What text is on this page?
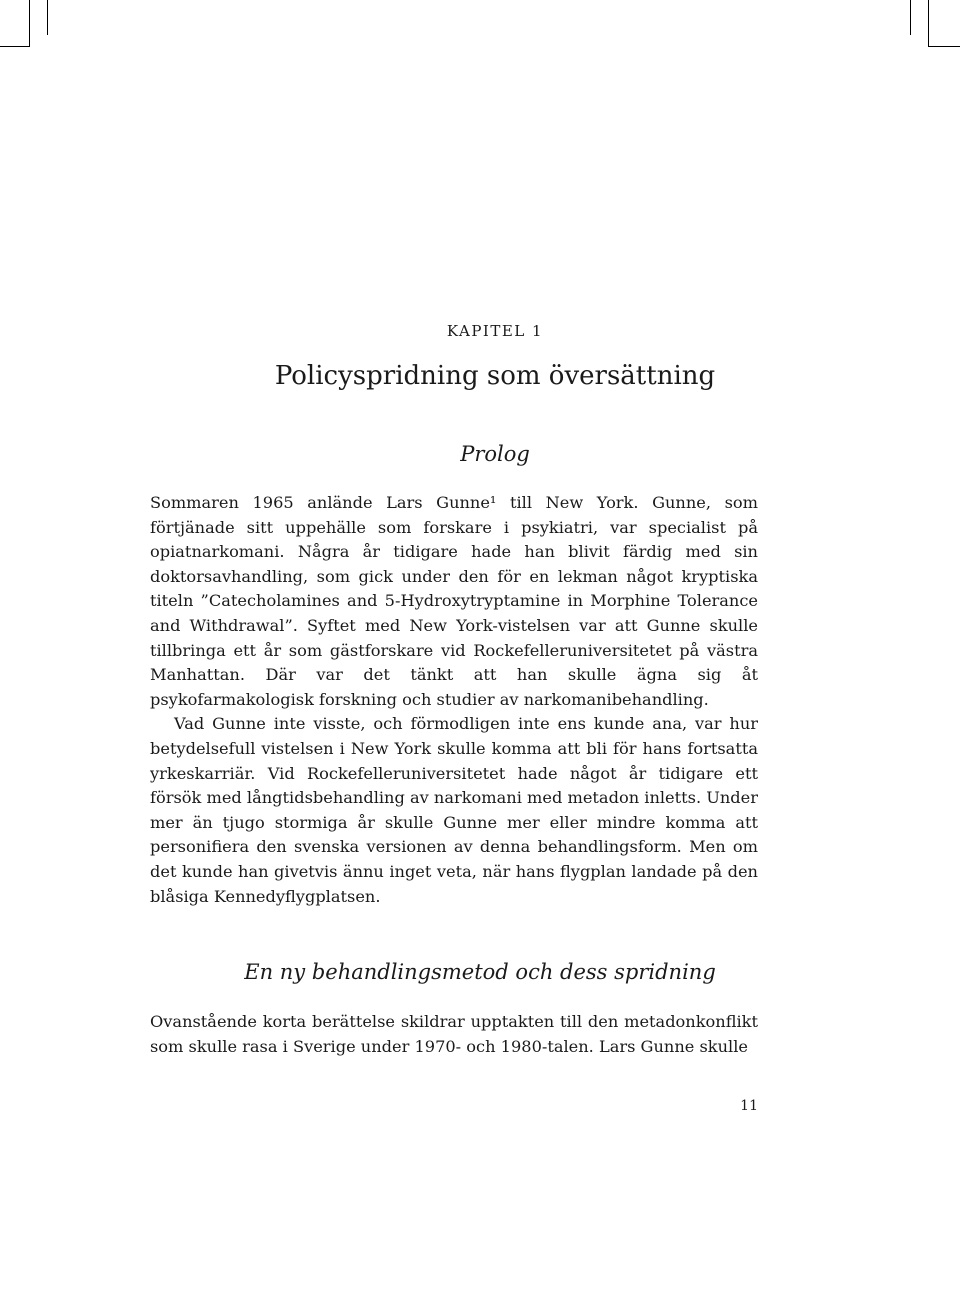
KAPITEL 1
Policyspridning som översättning
Prolog

Sommaren 1965 anlände Lars Gunne¹ till New York. Gunne, som förtjänade sitt uppehälle som forskare i psykiatri, var specialist på opiatnarkomani. Några år tidigare hade han blivit färdig med sin doktorsavhandling, som gick under den för en lekman något kryptiska titeln ”Catecholamines and 5-Hydroxytryptamine in Morphine Tolerance and Withdrawal”. Syftet med New York-vistelsen var att Gunne skulle tillbringa ett år som gästforskare vid Rockefelleruniversitetet på västra Manhattan. Där var det tänkt att han skulle ägna sig åt psykofarmakologisk forskning och studier av narkomanibehandling.

Vad Gunne inte visste, och förmodligen inte ens kunde ana, var hur betydelsefull vistelsen i New York skulle komma att bli för hans fortsatta yrkeskarriär. Vid Rockefelleruniversitetet hade något år tidigare ett försök med långtidsbehandling av narkomani med metadon inletts. Under mer än tjugo stormiga år skulle Gunne mer eller mindre komma att personifiera den svenska versionen av denna behandlingsform. Men om det kunde han givetvis ännu inget veta, när hans flygplan landade på den blåsiga Kennedyflygplatsen.

En ny behandlingsmetod och dess spridning

Ovanstående korta berättelse skildrar upptakten till den metadonkonflikt som skulle rasa i Sverige under 1970- och 1980-talen. Lars Gunne skulle

11
